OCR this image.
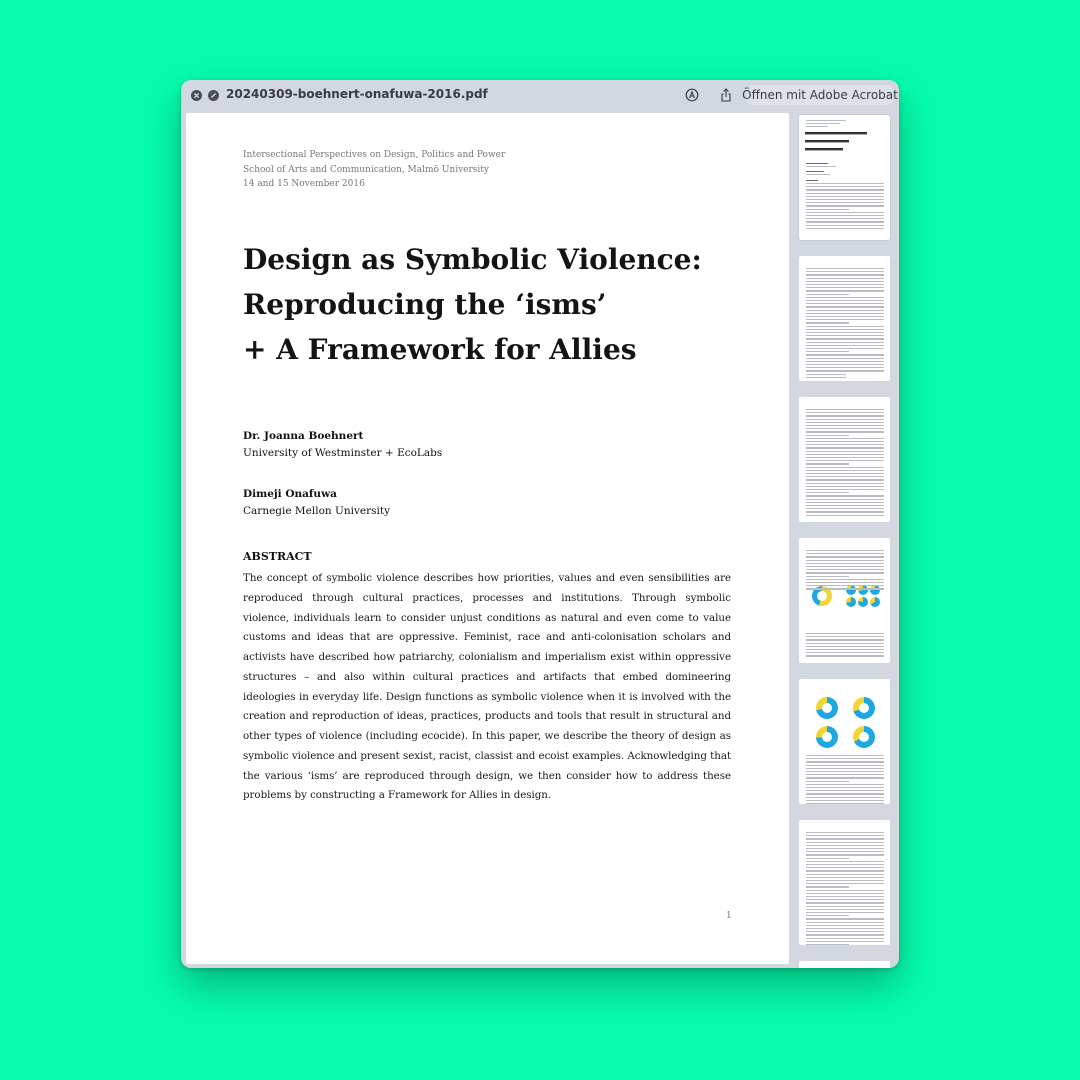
20240309-boehnert-onafuwa-2016.pdf	Öffnen mit Adobe Acrobat
Intersectional Perspectives on Design, Politics and Power
School of Arts and Communication, Malmö University
14 and 15 November 2016
Design as Symbolic Violence:
Reproducing the ‘isms’
+ A Framework for Allies
Dr. Joanna Boehnert
University of Westminster + EcoLabs
Dimeji Onafuwa
Carnegie Mellon University
ABSTRACT
The concept of symbolic violence describes how priorities, values and even sensibilities are reproduced through cultural practices, processes and institutions. Through symbolic violence, individuals learn to consider unjust conditions as natural and even come to value customs and ideas that are oppressive. Feminist, race and anti-colonisation scholars and activists have described how patriarchy, colonialism and imperialism exist within oppressive structures – and also within cultural practices and artifacts that embed domineering ideologies in everyday life. Design functions as symbolic violence when it is involved with the creation and reproduction of ideas, practices, products and tools that result in structural and other types of violence (including ecocide). In this paper, we describe the theory of design as symbolic violence and present sexist, racist, classist and ecoist examples. Acknowledging that the various ‘isms’ are reproduced through design, we then consider how to address these problems by constructing a Framework for Allies in design.
1
